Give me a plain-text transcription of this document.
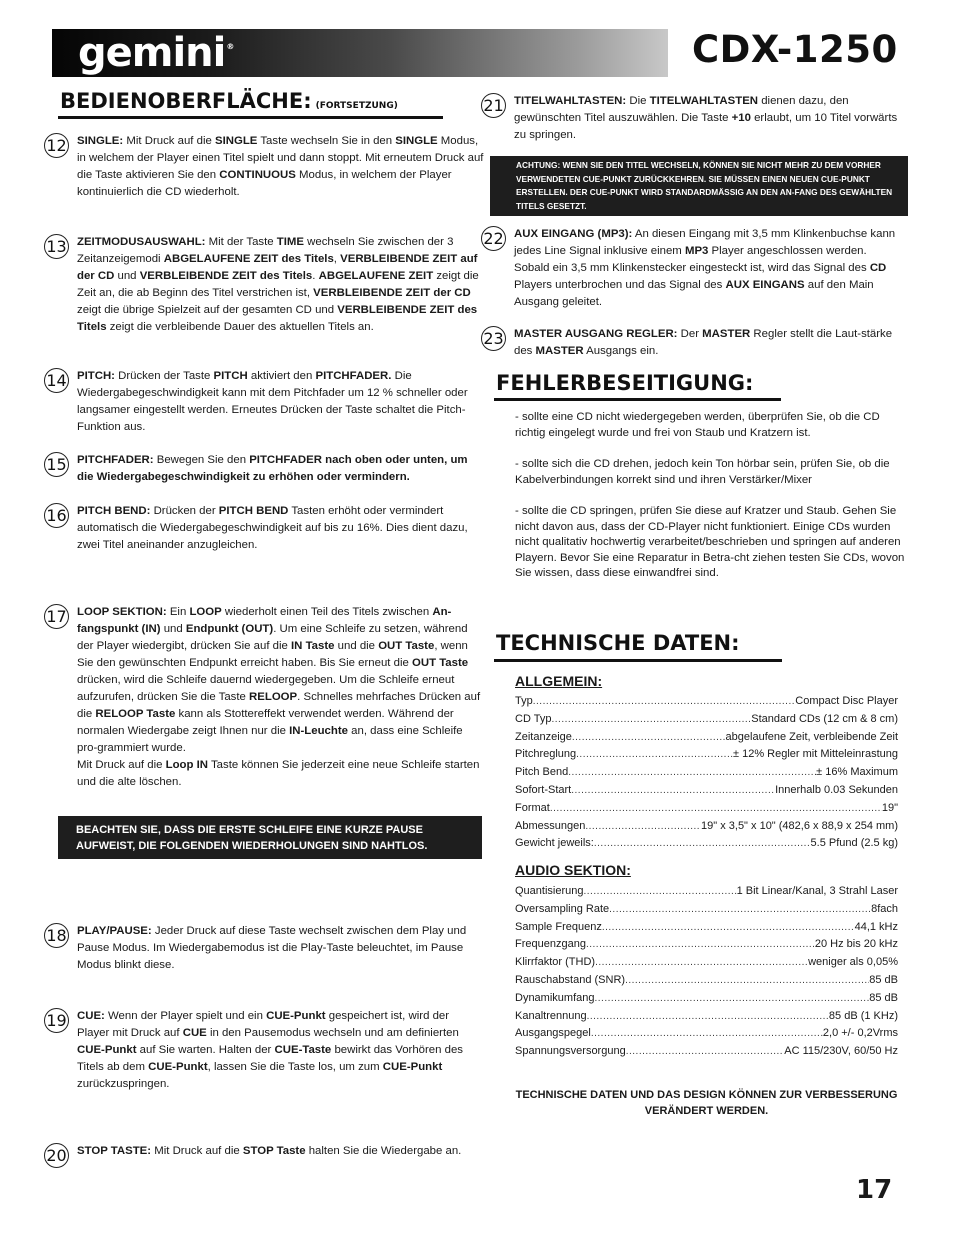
gemini®	CDX-1250
BEDIENOBERFLÄCHE: (FORTSETZUNG)
12 SINGLE: Mit Druck auf die SINGLE Taste wechseln Sie in den SINGLE Modus, in welchem der Player einen Titel spielt und dann stoppt. Mit erneutem Druck auf die Taste aktivieren Sie den CONTINUOUS Modus, in welchem der Player kontinuierlich die CD wiederholt.
13 ZEITMODUSAUSWAHL: Mit der Taste TIME wechseln Sie zwischen der 3 Zeitanzeigemodi ABGELAUFENE ZEIT des Titels, VERBLEIBENDE ZEIT auf der CD und VERBLEIBENDE ZEIT des Titels. ABGELAUFENE ZEIT zeigt die Zeit an, die ab Beginn des Titel verstrichen ist, VERBLEIBENDE ZEIT der CD zeigt die übrige Spielzeit auf der gesamten CD und VERBLEIBENDE ZEIT des Titels zeigt die verbleibende Dauer des aktuellen Titels an.
14 PITCH: Drücken der Taste PITCH aktiviert den PITCHFADER. Die Wiedergabegeschwindigkeit kann mit dem Pitchfader um 12 % schneller oder langsamer eingestellt werden. Erneutes Drücken der Taste schaltet die Pitch-Funktion aus.
15 PITCHFADER: Bewegen Sie den PITCHFADER nach oben oder unten, um die Wiedergabegeschwindigkeit zu erhöhen oder vermindern.
16 PITCH BEND: Drücken der PITCH BEND Tasten erhöht oder vermindert automatisch die Wiedergabegeschwindigkeit auf bis zu 16%. Dies dient dazu, zwei Titel aneinander anzugleichen.
17 LOOP SEKTION: Ein LOOP wiederholt einen Teil des Titels zwischen An-fangspunkt (IN) und Endpunkt (OUT). Um eine Schleife zu setzen, während der Player wiedergibt, drücken Sie auf die IN Taste und die OUT Taste, wenn Sie den gewünschten Endpunkt erreicht haben. Bis Sie erneut die OUT Taste drücken, wird die Schleife dauernd wiedergegeben. Um die Schleife erneut aufzurufen, drücken Sie die Taste RELOOP. Schnelles mehrfaches Drücken auf die RELOOP Taste kann als Stottereffekt verwendet werden. Während der normalen Wiedergabe zeigt Ihnen nur die IN-Leuchte an, dass eine Schleife pro-grammiert wurde.
Mit Druck auf die Loop IN Taste können Sie jederzeit eine neue Schleife starten und die alte löschen.
BEACHTEN SIE, DASS DIE ERSTE SCHLEIFE EINE KURZE PAUSE AUFWEIST, DIE FOLGENDEN WIEDERHOLUNGEN SIND NAHTLOS.
18 PLAY/PAUSE: Jeder Druck auf diese Taste wechselt zwischen dem Play und Pause Modus. Im Wiedergabemodus ist die Play-Taste beleuchtet, im Pause Modus blinkt diese.
19 CUE: Wenn der Player spielt und ein CUE-Punkt gespeichert ist, wird der Player mit Druck auf CUE in den Pausemodus wechseln und am definierten CUE-Punkt auf Sie warten. Halten der CUE-Taste bewirkt das Vorhören des Titels ab dem CUE-Punkt, lassen Sie die Taste los, um zum CUE-Punkt zurückzuspringen.
20 STOP TASTE: Mit Druck auf die STOP Taste halten Sie die Wiedergabe an.
21 TITELWAHLTASTEN: Die TITELWAHLTASTEN dienen dazu, den gewünschten Titel auszuwählen. Die Taste +10 erlaubt, um 10 Titel vorwärts zu springen.
ACHTUNG: WENN SIE DEN TITEL WECHSELN, KÖNNEN SIE NICHT MEHR ZU DEM VORHER VERWENDETEN CUE-PUNKT ZURÜCKKEHREN. SIE MÜSSEN EINEN NEUEN CUE-PUNKT ERSTELLEN. DER CUE-PUNKT WIRD STANDARDMÄSSIG AN DEN AN-FANG DES GEWÄHLTEN TITELS GESETZT.
22 AUX EINGANG (MP3): An diesen Eingang mit 3,5 mm Klinkenbuchse kann jedes Line Signal inklusive einem MP3 Player angeschlossen werden. Sobald ein 3,5 mm Klinkenstecker eingesteckt ist, wird das Signal des CD Players unterbrochen und das Signal des AUX EINGANS auf den Main Ausgang geleitet.
23 MASTER AUSGANG REGLER: Der MASTER Regler stellt die Laut-stärke des MASTER Ausgangs ein.
FEHLERBESEITIGUNG:
- sollte eine CD nicht wiedergegeben werden, überprüfen Sie, ob die CD richtig eingelegt wurde und frei von Staub und Kratzern ist.
- sollte sich die CD drehen, jedoch kein Ton hörbar sein, prüfen Sie, ob die Kabelverbindungen korrekt sind und ihren Verstärker/Mixer
- sollte die CD springen, prüfen Sie diese auf Kratzer und Staub. Gehen Sie nicht davon aus, dass der CD-Player nicht funktioniert. Einige CDs wurden nicht qualitativ hochwertig verarbeitet/beschrieben und springen auf anderen Playern. Bevor Sie eine Reparatur in Betra-cht ziehen testen Sie CDs, wovon Sie wissen, dass diese einwandfrei sind.
TECHNISCHE DATEN:
ALLGEMEIN:
Typ .....	Compact Disc Player
CD Typ .....	Standard CDs (12 cm & 8 cm)
Zeitanzeige .....	abgelaufene Zeit, verbleibende Zeit
Pitchreglung .....	± 12% Regler mit Mitteleinrastung
Pitch Bend .....	± 16% Maximum
Sofort-Start .....	Innerhalb 0.03 Sekunden
Format .....	19"
Abmessungen .....	19" x 3,5" x 10" (482,6 x 88,9 x 254 mm)
Gewicht jeweils: .....	5.5 Pfund (2.5 kg)
AUDIO SEKTION:
Quantisierung .....	1 Bit Linear/Kanal, 3 Strahl Laser
Oversampling Rate .....	8fach
Sample Frequenz .....	44,1 kHz
Frequenzgang .....	20 Hz bis 20 kHz
Klirrfaktor (THD) .....	weniger als 0,05%
Rauschabstand (SNR) .....	85 dB
Dynamikumfang .....	85 dB
Kanaltrennung .....	85 dB (1 KHz)
Ausgangspegel .....	2,0 +/- 0,2Vrms
Spannungsversorgung .....	AC 115/230V, 60/50 Hz
TECHNISCHE DATEN UND DAS DESIGN KÖNNEN ZUR VERBESSERUNG VERÄNDERT WERDEN.
17
